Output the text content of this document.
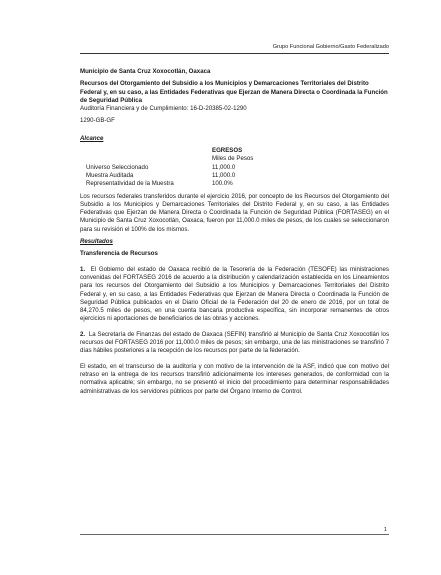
Grupo Funcional Gobierno/Gasto Federalizado

Municipio de Santa Cruz Xoxocotlán, Oaxaca

Recursos del Otorgamiento del Subsidio a los Municipios y Demarcaciones Territoriales del Distrito Federal y, en su caso, a las Entidades Federativas que Ejerzan de Manera Directa o Coordinada la Función de Seguridad Pública

Auditoría Financiera y de Cumplimiento: 16-D-20385-02-1290

1290-GB-GF

Alcance

	EGRESOS
	Miles de Pesos
Universo Seleccionado	11,000.0
Muestra Auditada	11,000.0
Representatividad de la Muestra	100.0%

Los recursos federales transferidos durante el ejercicio 2016, por concepto de los Recursos del Otorgamiento del Subsidio a los Municipios y Demarcaciones Territoriales del Distrito Federal y, en su caso, a las Entidades Federativas que Ejerzan de Manera Directa o Coordinada la Función de Seguridad Pública (FORTASEG) en el Municipio de Santa Cruz Xoxocotlán, Oaxaca, fueron por 11,000.0 miles de pesos, de los cuales se seleccionaron para su revisión el 100% de los mismos.

Resultados

Transferencia de Recursos

1. El Gobierno del estado de Oaxaca recibió de la Tesorería de la Federación (TESOFE) las ministraciones convenidas del FORTASEG 2016 de acuerdo a la distribución y calendarización establecida en los Lineamientos para los recursos del Otorgamiento del Subsidio a los Municipios y Demarcaciones Territoriales del Distrito Federal y, en su caso, a las Entidades Federativas que Ejerzan de Manera Directa o Coordinada la Función de Seguridad Pública publicados en el Diario Oficial de la Federación del 20 de enero de 2016, por un total de 84,270.5 miles de pesos, en una cuenta bancaria productiva específica, sin incorporar remanentes de otros ejercicios ni aportaciones de beneficiarios de las obras y acciones.

2. La Secretaría de Finanzas del estado de Oaxaca (SEFIN) transfirió al Municipio de Santa Cruz Xoxocotlán los recursos del FORTASEG 2016 por 11,000.0 miles de pesos; sin embargo, una de las ministraciones se transfirió 7 días hábiles posteriores a la recepción de los recursos por parte de la federación.

El estado, en el transcurso de la auditoría y con motivo de la intervención de la ASF, indicó que con motivo del retraso en la entrega de los recursos transfirió adicionalmente los intereses generados, de conformidad con la normativa aplicable; sin embargo, no se presentó el inicio del procedimiento para determinar responsabilidades administrativas de los servidores públicos por parte del Órgano Interno de Control.

1
